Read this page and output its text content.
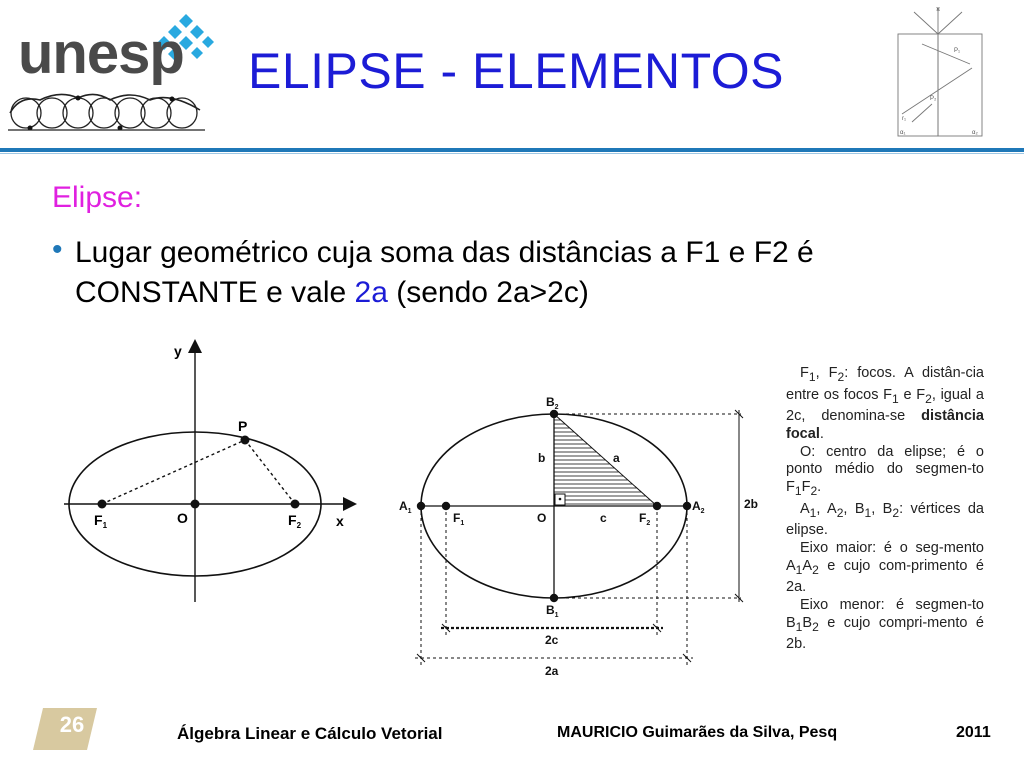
unesp ELIPSE - ELEMENTOS
π
P₁
P₂
r₁
α₁	α₂
Elipse:
• Lugar geométrico cuja soma das distâncias a F1 e F2 é CONSTANTE e vale 2a (sendo 2a>2c)
y
x
P
O
$F_1$	$F_2$
$B_2$
$B_1$
$A_1$	$A_2$
$F_1$	$F_2$
O
b	a
c
2b
2c
2a

$F_1$, $F_2$: focos. A distân-cia entre os focos $F_1$ e $F_2$, igual a 2c, denomina-se distância focal.

O: centro da elipse; é o ponto médio do segmen-to $F_1F_2$.

$A_1$, $A_2$, $B_1$, $B_2$: vértices da elipse.

Eixo maior: é o seg-mento $A_1A_2$ e cujo com-primento é 2a.

Eixo menor: é segmen-to $B_1B_2$ e cujo compri-mento é 2b.

26	Álgebra Linear e Cálculo Vetorial	MAURICIO Guimarães da Silva, Pesq	2011
